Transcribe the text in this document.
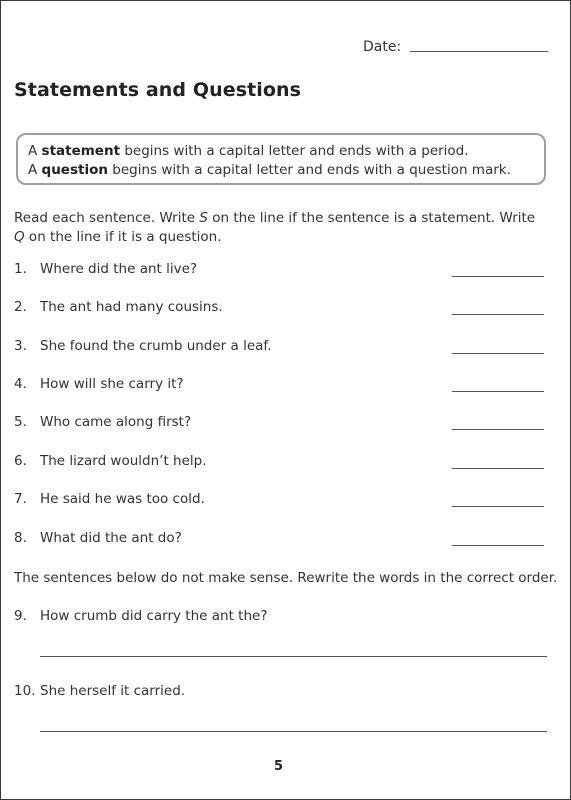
Date:
Statements and Questions
A statement begins with a capital letter and ends with a period.
A question begins with a capital letter and ends with a question mark.
Read each sentence. Write S on the line if the sentence is a statement. Write
Q on the line if it is a question.
1. Where did the ant live?
2. The ant had many cousins.
3. She found the crumb under a leaf.
4. How will she carry it?
5. Who came along first?
6. The lizard wouldn’t help.
7. He said he was too cold.
8. What did the ant do?
The sentences below do not make sense. Rewrite the words in the correct order.
9. How crumb did carry the ant the?
10. She herself it carried.
5
